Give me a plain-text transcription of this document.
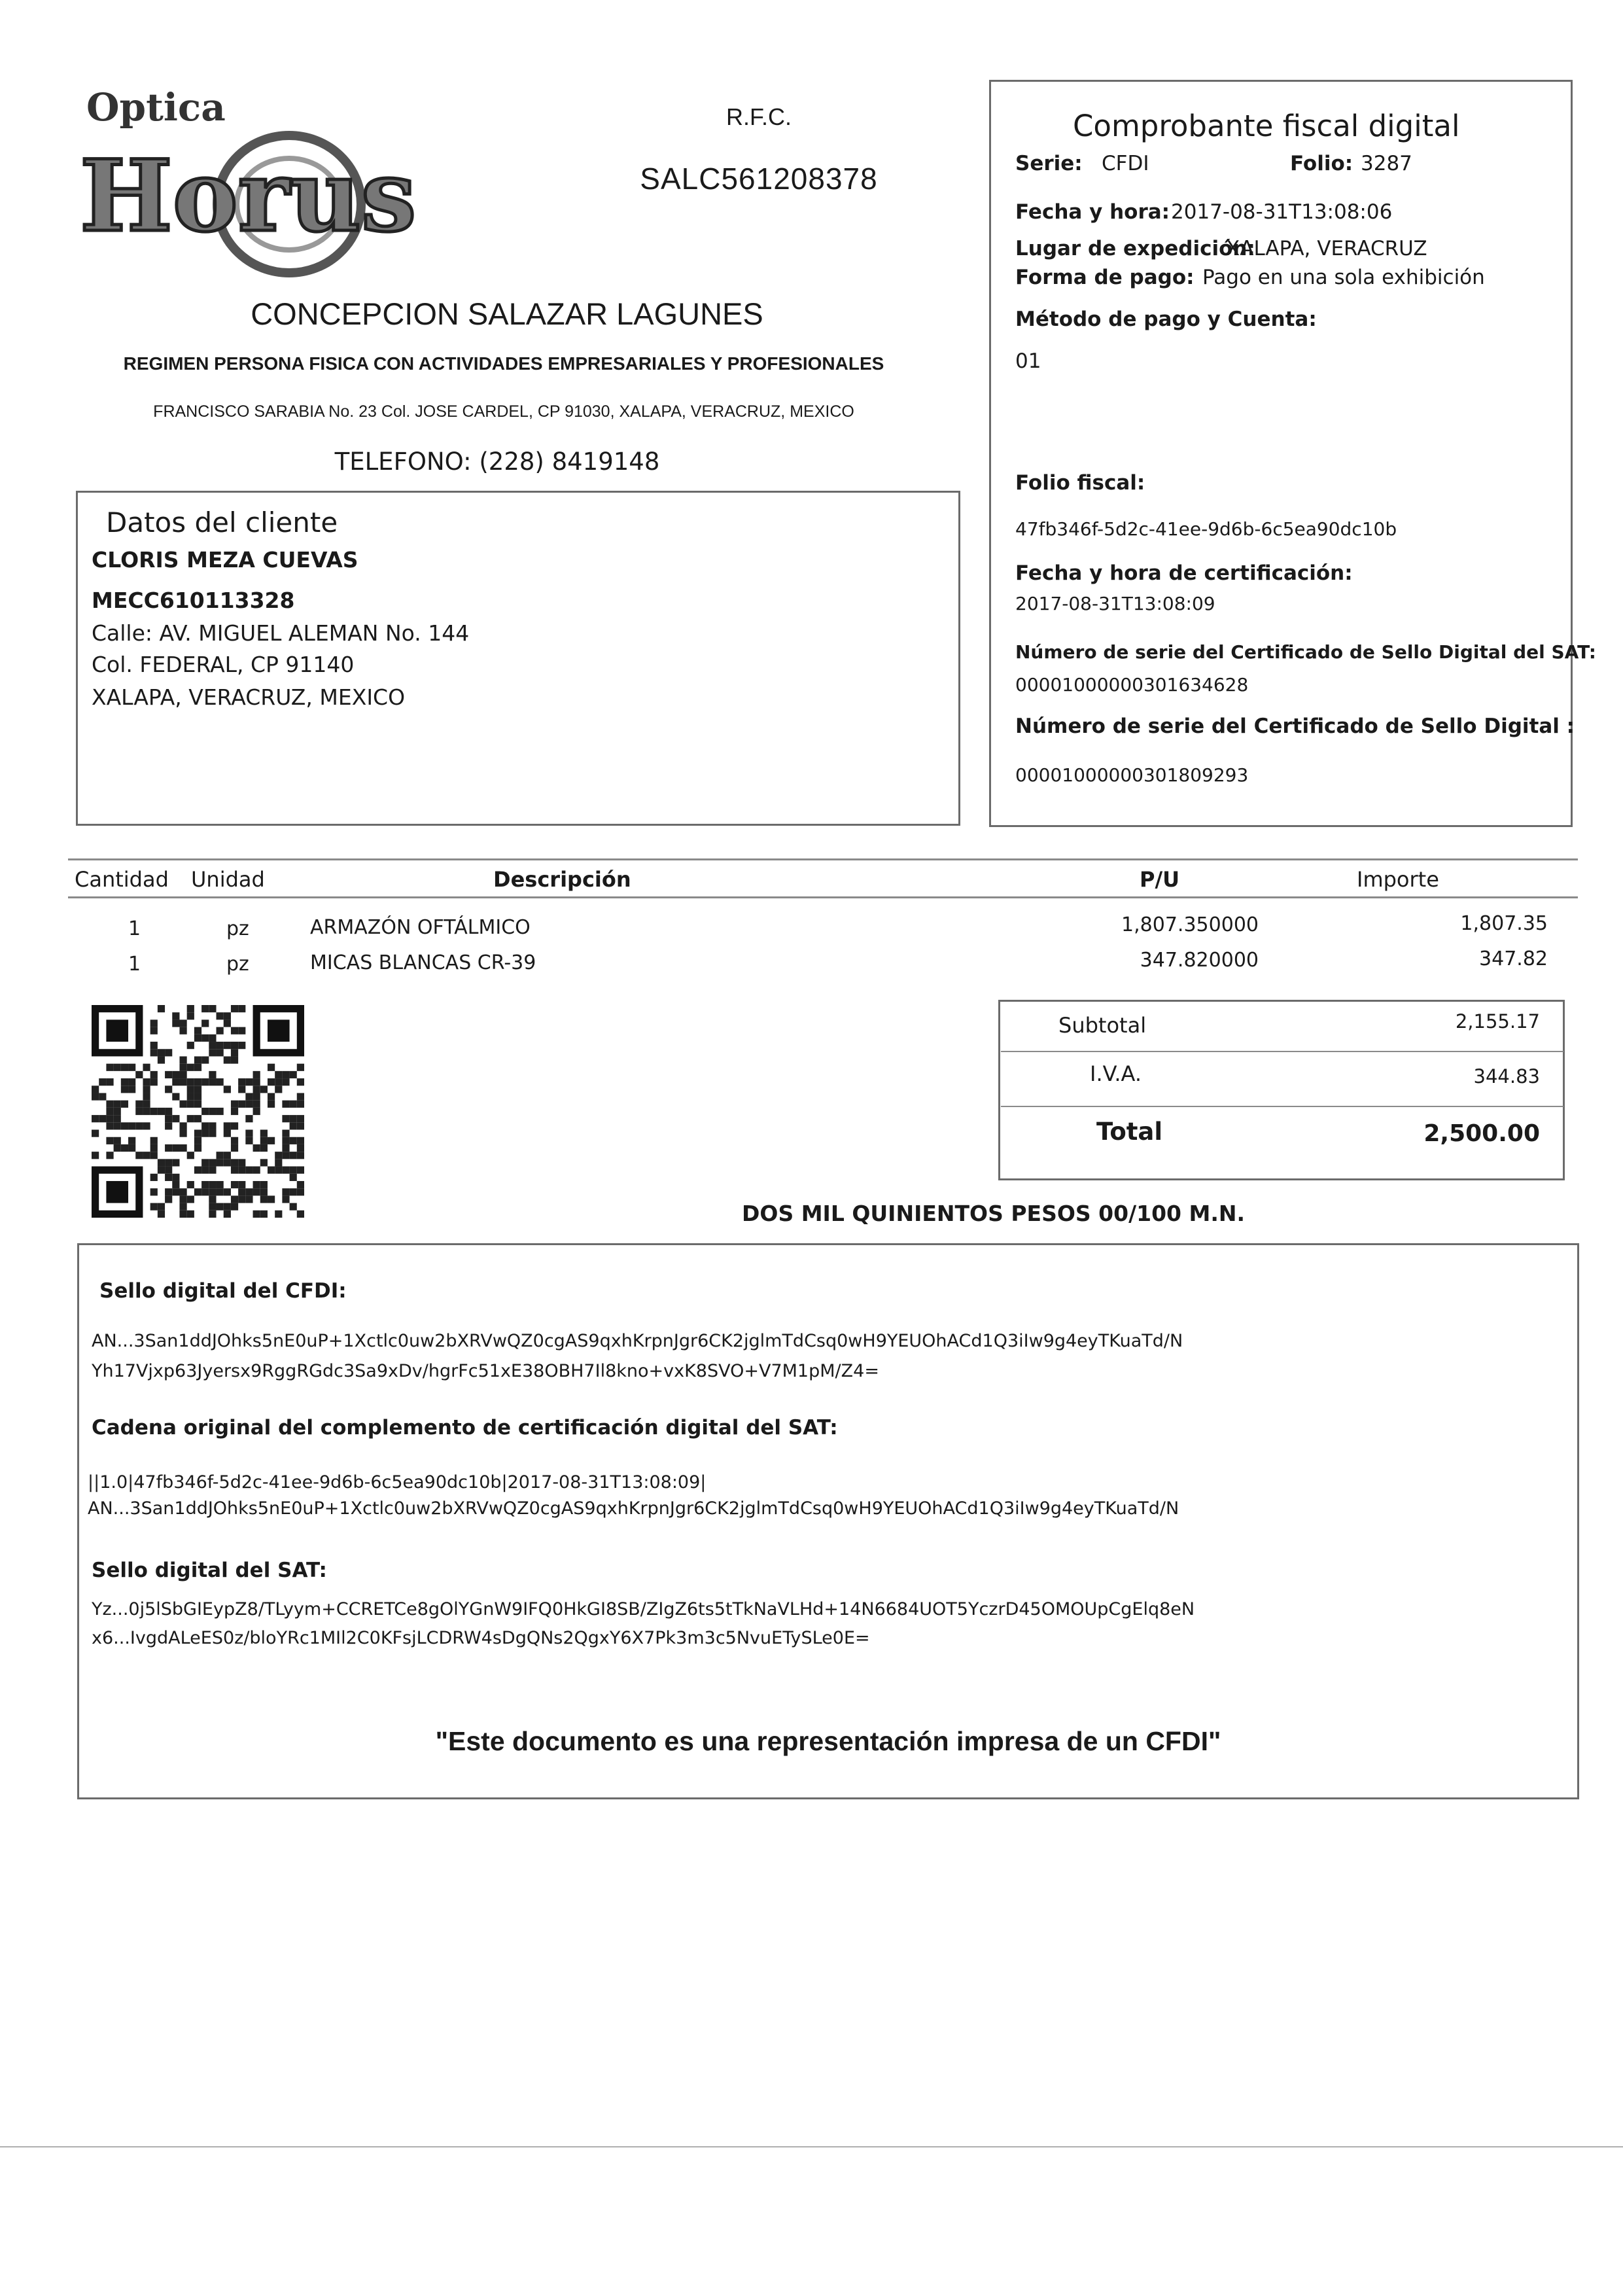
Optica
Horus
R.F.C.
SALC561208378
CONCEPCION SALAZAR LAGUNES
REGIMEN PERSONA FISICA CON ACTIVIDADES EMPRESARIALES Y PROFESIONALES
FRANCISCO SARABIA No. 23 Col. JOSE CARDEL, CP 91030, XALAPA, VERACRUZ, MEXICO
TELEFONO: (228) 8419148
Comprobante fiscal digital
Serie: CFDI	Folio: 3287
Fecha y hora: 2017-08-31T13:08:06
Lugar de expedición:
XALAPA, VERACRUZ
Forma de pago: Pago en una sola exhibición
Método de pago y Cuenta:
01
Folio fiscal:
47fb346f-5d2c-41ee-9d6b-6c5ea90dc10b
Fecha y hora de certificación:
2017-08-31T13:08:09
Número de serie del Certificado de Sello Digital del SAT:
00001000000301634628
Número de serie del Certificado de Sello Digital :
00001000000301809293
Datos del cliente
CLORIS MEZA CUEVAS
MECC610113328
Calle: AV. MIGUEL ALEMAN No. 144
Col. FEDERAL, CP 91140
XALAPA, VERACRUZ, MEXICO
Cantidad Unidad	Descripción	P/U	Importe
1	pz	ARMAZÓN OFTÁLMICO	1,807.350000	1,807.35
1	pz	MICAS BLANCAS CR-39	347.820000	347.82
Subtotal	2,155.17
I.V.A.	344.83
Total	2,500.00
DOS MIL QUINIENTOS PESOS 00/100 M.N.
Sello digital del CFDI:
AN...3San1ddJOhks5nE0uP+1Xctlc0uw2bXRVwQZ0cgAS9qxhKrpnJgr6CK2jglmTdCsq0wH9YEUOhACd1Q3iIw9g4eyTKuaTd/N
Yh17Vjxp63Jyersx9RggRGdc3Sa9xDv/hgrFc51xE38OBH7Il8kno+vxK8SVO+V7M1pM/Z4=
Cadena original del complemento de certificación digital del SAT:
||1.0|47fb346f-5d2c-41ee-9d6b-6c5ea90dc10b|2017-08-31T13:08:09|
AN...3San1ddJOhks5nE0uP+1Xctlc0uw2bXRVwQZ0cgAS9qxhKrpnJgr6CK2jglmTdCsq0wH9YEUOhACd1Q3iIw9g4eyTKuaTd/N
Sello digital del SAT:
Yz...0j5lSbGIEypZ8/TLyym+CCRETCe8gOlYGnW9IFQ0HkGI8SB/ZIgZ6ts5tTkNaVLHd+14N6684UOT5YczrD45OMOUpCgElq8eN
x6...IvgdALeES0z/bloYRc1MIl2C0KFsjLCDRW4sDgQNs2QgxY6X7Pk3m3c5NvuETySLe0E=
"Este documento es una representación impresa de un CFDI"
